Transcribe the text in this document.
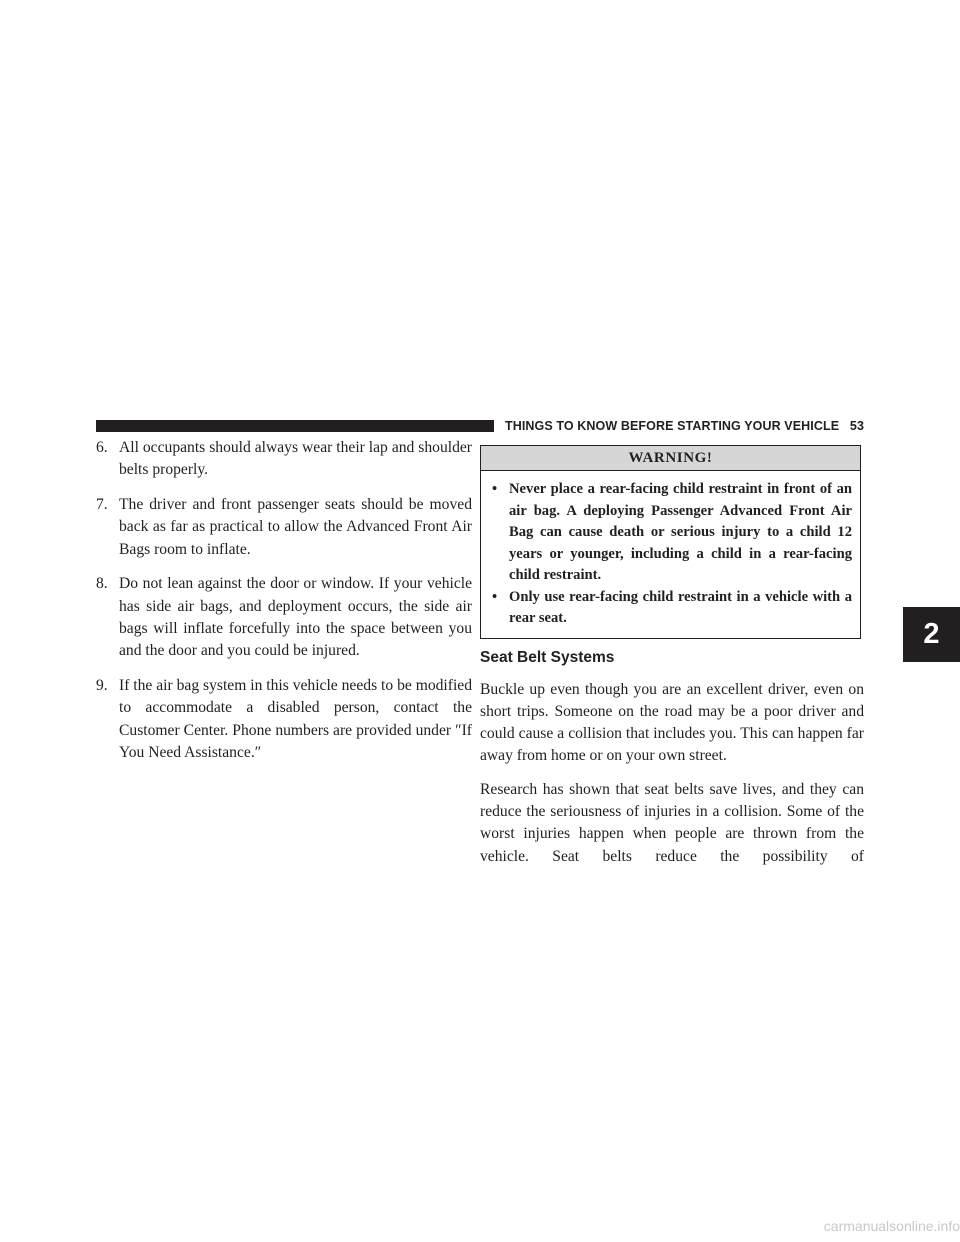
THINGS TO KNOW BEFORE STARTING YOUR VEHICLE 53
2
6. All occupants should always wear their lap and shoulder belts properly.
7. The driver and front passenger seats should be moved back as far as practical to allow the Advanced Front Air Bags room to inflate.
8. Do not lean against the door or window. If your vehicle has side air bags, and deployment occurs, the side air bags will inflate forcefully into the space between you and the door and you could be injured.
9. If the air bag system in this vehicle needs to be modified to accommodate a disabled person, contact the Customer Center. Phone numbers are provided under ″If You Need Assistance.″
WARNING!
• Never place a rear-facing child restraint in front of an air bag. A deploying Passenger Advanced Front Air Bag can cause death or serious injury to a child 12 years or younger, including a child in a rear-facing child restraint.
• Only use rear-facing child restraint in a vehicle with a rear seat.
Seat Belt Systems

Buckle up even though you are an excellent driver, even on short trips. Someone on the road may be a poor driver and could cause a collision that includes you. This can happen far away from home or on your own street.

Research has shown that seat belts save lives, and they can reduce the seriousness of injuries in a collision. Some of the worst injuries happen when people are thrown from the vehicle. Seat belts reduce the possibility of

carmanualsonline.info
